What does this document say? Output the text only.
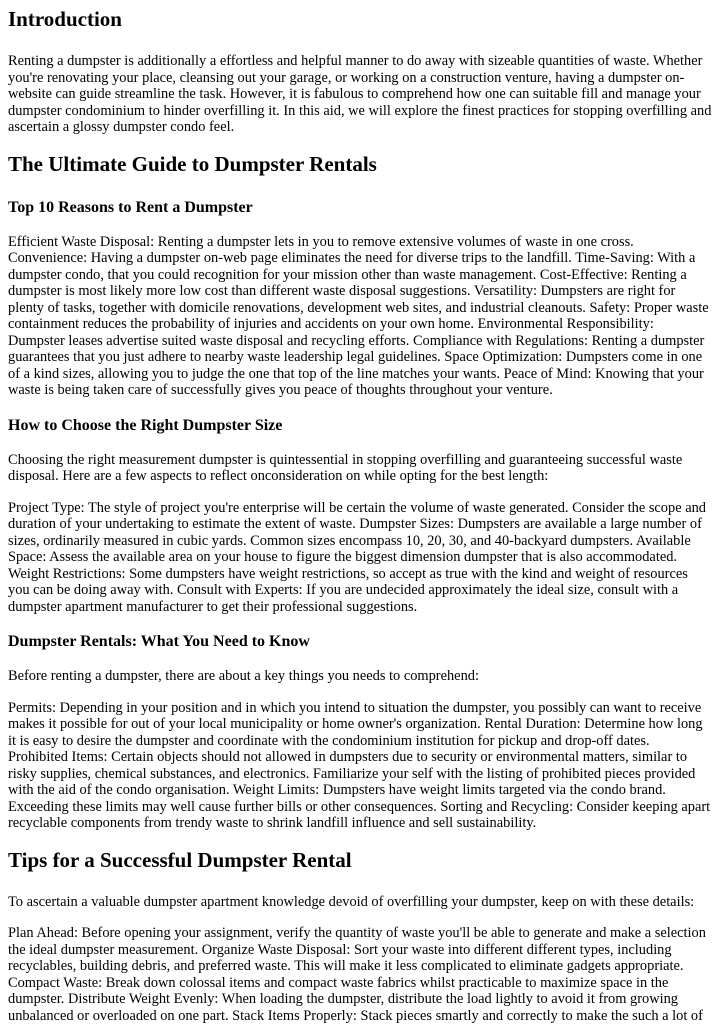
Introduction

Renting a dumpster is additionally a effortless and helpful manner to do away with sizeable quantities of waste. Whether you're renovating your place, cleansing out your garage, or working on a construction venture, having a dumpster on-website can guide streamline the task. However, it is fabulous to comprehend how one can suitable fill and manage your dumpster condominium to hinder overfilling it. In this aid, we will explore the finest practices for stopping overfilling and ascertain a glossy dumpster condo feel.

The Ultimate Guide to Dumpster Rentals
Top 10 Reasons to Rent a Dumpster

Efficient Waste Disposal: Renting a dumpster lets in you to remove extensive volumes of waste in one cross. Convenience: Having a dumpster on-web page eliminates the need for diverse trips to the landfill. Time-Saving: With a dumpster condo, that you could recognition for your mission other than waste management. Cost-Effective: Renting a dumpster is most likely more low cost than different waste disposal suggestions. Versatility: Dumpsters are right for plenty of tasks, together with domicile renovations, development web sites, and industrial cleanouts. Safety: Proper waste containment reduces the probability of injuries and accidents on your own home. Environmental Responsibility: Dumpster leases advertise suited waste disposal and recycling efforts. Compliance with Regulations: Renting a dumpster guarantees that you just adhere to nearby waste leadership legal guidelines. Space Optimization: Dumpsters come in one of a kind sizes, allowing you to judge the one that top of the line matches your wants. Peace of Mind: Knowing that your waste is being taken care of successfully gives you peace of thoughts throughout your venture.

How to Choose the Right Dumpster Size

Choosing the right measurement dumpster is quintessential in stopping overfilling and guaranteeing successful waste disposal. Here are a few aspects to reflect onconsideration on while opting for the best length:

Project Type: The style of project you're enterprise will be certain the volume of waste generated. Consider the scope and duration of your undertaking to estimate the extent of waste. Dumpster Sizes: Dumpsters are available a large number of sizes, ordinarily measured in cubic yards. Common sizes encompass 10, 20, 30, and 40-backyard dumpsters. Available Space: Assess the available area on your house to figure the biggest dimension dumpster that is also accommodated. Weight Restrictions: Some dumpsters have weight restrictions, so accept as true with the kind and weight of resources you can be doing away with. Consult with Experts: If you are undecided approximately the ideal size, consult with a dumpster apartment manufacturer to get their professional suggestions.

Dumpster Rentals: What You Need to Know

Before renting a dumpster, there are about a key things you needs to comprehend:

Permits: Depending in your position and in which you intend to situation the dumpster, you possibly can want to receive makes it possible for out of your local municipality or home owner's organization. Rental Duration: Determine how long it is easy to desire the dumpster and coordinate with the condominium institution for pickup and drop-off dates. Prohibited Items: Certain objects should not allowed in dumpsters due to security or environmental matters, similar to risky supplies, chemical substances, and electronics. Familiarize your self with the listing of prohibited pieces provided with the aid of the condo organisation. Weight Limits: Dumpsters have weight limits targeted via the condo brand. Exceeding these limits may well cause further bills or other consequences. Sorting and Recycling: Consider keeping apart recyclable components from trendy waste to shrink landfill influence and sell sustainability.

Tips for a Successful Dumpster Rental

To ascertain a valuable dumpster apartment knowledge devoid of overfilling your dumpster, keep on with these details:

Plan Ahead: Before opening your assignment, verify the quantity of waste you'll be able to generate and make a selection the ideal dumpster measurement. Organize Waste Disposal: Sort your waste into different different types, including recyclables, building debris, and preferred waste. This will make it less complicated to eliminate gadgets appropriate. Compact Waste: Break down colossal items and compact waste fabrics whilst practicable to maximize space in the dumpster. Distribute Weight Evenly: When loading the dumpster, distribute the load lightly to avoid it from growing unbalanced or overloaded on one part. Stack Items Properly: Stack pieces smartly and correctly to make the such a lot of
